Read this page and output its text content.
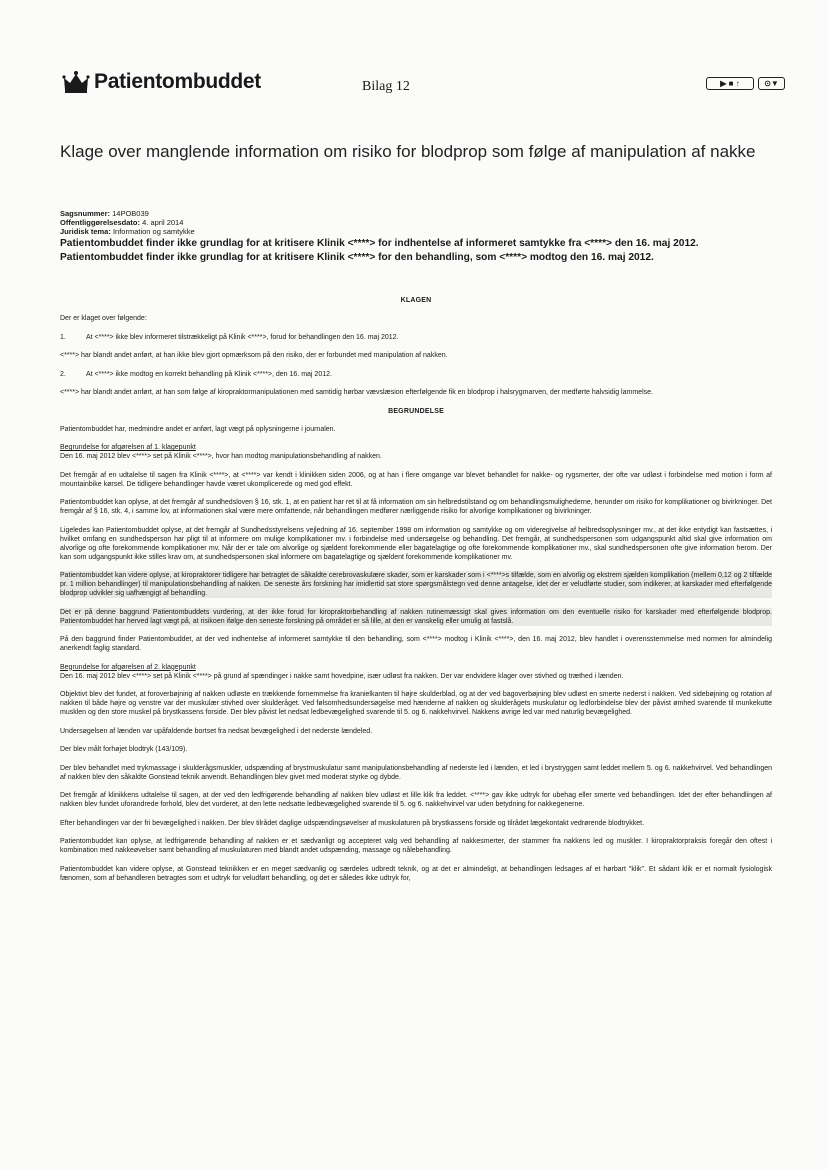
Patientombuddet	Bilag 12	▶ ■ ↑	⊙▼
Klage over manglende information om risiko for blodprop som følge af manipulation af nakke
Sagsnummer: 14POB039
Offentliggørelsesdato: 4. april 2014
Juridisk tema: Information og samtykke
Patientombuddet finder ikke grundlag for at kritisere Klinik <****> for indhentelse af informeret samtykke fra <****> den 16. maj 2012. Patientombuddet finder ikke grundlag for at kritisere Klinik <****> for den behandling, som <****> modtog den 16. maj 2012.

KLAGEN

Der er klaget over følgende:

1.	At <****> ikke blev informeret tilstrækkeligt på Klinik <****>, forud for behandlingen den 16. maj 2012.

<****> har blandt andet anført, at han ikke blev gjort opmærksom på den risiko, der er forbundet med manipulation af nakken.

2.	At <****> ikke modtog en korrekt behandling på Klinik <****>, den 16. maj 2012.

<****> har blandt andet anført, at han som følge af kiropraktormanipulationen med samtidig hørbar vævslæsion efterfølgende fik en blodprop i halsrygmarven, der medførte halvsidig lammelse.

BEGRUNDELSE

Patientombuddet har, medmindre andet er anført, lagt vægt på oplysningerne i journalen.

Begrundelse for afgørelsen af 1. klagepunkt
Den 16. maj 2012 blev <****> set på Klinik <****>, hvor han modtog manipulationsbehandling af nakken.

Det fremgår af en udtalelse til sagen fra Klinik <****>, at <****> var kendt i klinikken siden 2006, og at han i flere omgange var blevet behandlet for nakke- og rygsmerter, der ofte var udløst i forbindelse med motion i form af mountainbike kørsel. De tidligere behandlinger havde været ukomplicerede og med god effekt.

Patientombuddet kan oplyse, at det fremgår af sundhedsloven § 16, stk. 1, at en patient har ret til at få information om sin helbredstilstand og om behandlingsmulighederne, herunder om risiko for komplikationer og bivirkninger. Det fremgår af § 16, stk. 4, i samme lov, at informationen skal være mere omfattende, når behandlingen medfører nærliggende risiko for alvorlige komplikationer og bivirkninger.

Ligeledes kan Patientombuddet oplyse, at det fremgår af Sundhedsstyrelsens vejledning af 16. september 1998 om information og samtykke og om videregivelse af helbredsoplysninger mv., at det ikke entydigt kan fastsættes, i hvilket omfang en sundhedsperson har pligt til at informere om mulige komplikationer mv. i forbindelse med undersøgelse og behandling. Det fremgår, at sundhedspersonen som udgangspunkt altid skal give information om alvorlige og ofte forekommende komplikationer mv. Når der er tale om alvorlige og sjældent forekommende eller bagatelagtige og ofte forekommende komplikationer mv., skal sundhedspersonen ofte give information herom. Der kan som udgangspunkt ikke stilles krav om, at sundhedspersonen skal informere om bagatelagtige og sjældent forekommende komplikationer mv.

Patientombuddet kan videre oplyse, at kiropraktorer tidligere har betragtet de såkaldte cerebrovaskulære skader, som er karskader som i <****>s tilfælde, som en alvorlig og ekstrem sjælden komplikation (mellem 0,12 og 2 tilfælde pr. 1 million behandlinger) til manipulationsbehandling af nakken. De seneste års forskning har imidlertid sat store spørgsmålstegn ved denne antagelse, idet der er veludførte studier, som indikerer, at karskader med efterfølgende blodprop udvikler sig uafhængigt af behandling.

Det er på denne baggrund Patientombuddets vurdering, at der ikke forud for kiropraktorbehandling af nakken rutinemæssigt skal gives information om den eventuelle risiko for karskader med efterfølgende blodprop. Patientombuddet har herved lagt vægt på, at risikoen ifølge den seneste forskning på området er så lille, at den er vanskelig eller umulig at fastslå.

På den baggrund finder Patientombuddet, at der ved indhentelse af informeret samtykke til den behandling, som <****> modtog i Klinik <****>, den 16. maj 2012, blev handlet i overensstemmelse med normen for almindelig anerkendt faglig standard.

Begrundelse for afgørelsen af 2. klagepunkt
Den 16. maj 2012 blev <****> set på Klinik <****> på grund af spændinger i nakke samt hovedpine, især udløst fra nakken. Der var endvidere klager over stivhed og træthed i lænden.

Objektivt blev det fundet, at foroverbøjning af nakken udløste en trækkende fornemmelse fra kranielkanten til højre skulderblad, og at der ved bagoverbøjning blev udløst en smerte nederst i nakken. Ved sidebøjning og rotation af nakken til både højre og venstre var der muskulær stivhed over skulderåget. Ved følsomhedsundersøgelse med hænderne af nakken og skulderågets muskulatur og ledforbindelse blev der påvist ømhed svarende til munkekutte musklen og den store muskel på brystkassens forside. Der blev påvist let nedsat ledbevægelighed svarende til 5. og 6. nakkehvirvel. Nakkens øvrige led var med naturlig bevægelighed.

Undersøgelsen af lænden var upåfaldende bortset fra nedsat bevægelighed i det nederste lændeled.

Der blev målt forhøjet blodtryk (143/109).

Der blev behandlet med trykmassage i skulderågsmuskler, udspænding af brystmuskulatur samt manipulationsbehandling af nederste led i lænden, et led i brystryggen samt leddet mellem 5. og 6. nakkehvirvel. Ved behandlingen af nakken blev den såkaldte Gonstead teknik anvendt. Behandlingen blev givet med moderat styrke og dybde.

Det fremgår af klinikkens udtalelse til sagen, at der ved den ledfrigørende behandling af nakken blev udløst et lille klik fra leddet. <****> gav ikke udtryk for ubehag eller smerte ved behandlingen. Idet der efter behandlingen af nakken blev fundet uforandrede forhold, blev det vurderet, at den lette nedsatte ledbevægelighed svarende til 5. og 6. nakkehvirvel var uden betydning for nakkegenerne.

Efter behandlingen var der fri bevægelighed i nakken. Der blev tilrådet daglige udspændingsøvelser af muskulaturen på brystkassens forside og tilrådet lægekontakt vedrørende blodtrykket.

Patientombuddet kan oplyse, at ledfrigørende behandling af nakken er et sædvanligt og accepteret valg ved behandling af nakkesmerter, der stammer fra nakkens led og muskler. I kiropraktorpraksis foregår den oftest i kombination med nakkeøvelser samt behandling af muskulaturen med blandt andet udspænding, massage og nålebehandling.

Patientombuddet kan videre oplyse, at Gonstead teknikken er en meget sædvanlig og særdeles udbredt teknik, og at det er almindeligt, at behandlingen ledsages af et hørbart "klik". Et sådant klik er et normalt fysiologisk fænomen, som af behandleren betragtes som et udtryk for veludført behandling, og det er således ikke udtryk for,
